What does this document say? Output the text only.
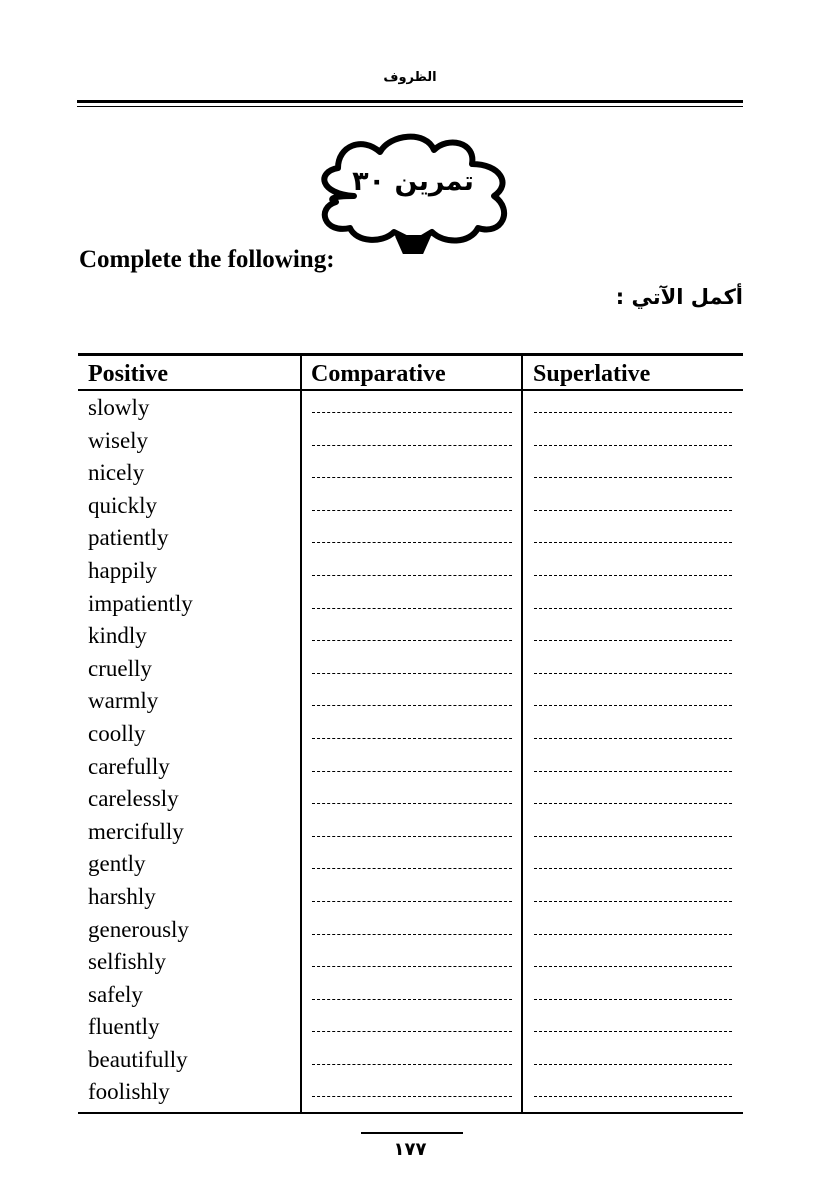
الظروف
تمرين ٣٠
Complete the following:
أكمل الآتي :
Positive	Comparative	Superlative
slowly
wisely
nicely
quickly
patiently
happily
impatiently
kindly
cruelly
warmly
coolly
carefully
carelessly
mercifully
gently
harshly
generously
selfishly
safely
fluently
beautifully
foolishly
١٧٧
